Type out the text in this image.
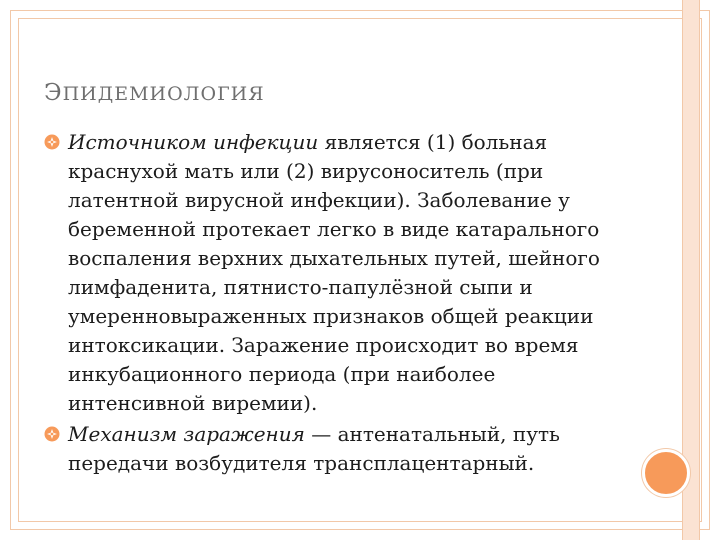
ЭПИДЕМИОЛОГИЯ
Источником инфекции является (1) больная краснухой мать или (2) вирусоноситель (при латентной вирусной инфекции). Заболевание у беременной протекает легко в виде катарального воспаления верхних дыхательных путей, шейного лимфаденита, пятнисто-папулёзной сыпи и умеренновыраженных признаков общей реакции интоксикации. Заражение происходит во время инкубационного периода (при наиболее интенсивной виремии).
Механизм заражения — антенатальный, путь передачи возбудителя трансплацентарный.
